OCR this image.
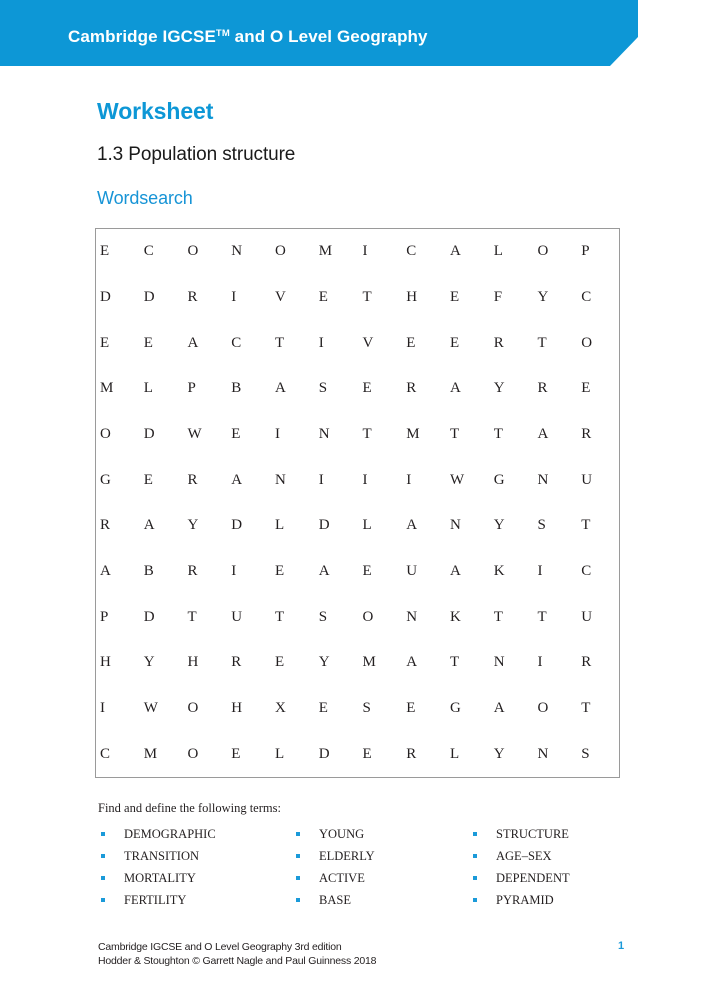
Cambridge IGCSE™ and O Level Geography
Worksheet
1.3 Population structure
Wordsearch
E	C	O	N	O	M	I	C	A	L	O	P
D	D	R	I	V	E	T	H	E	F	Y	C
E	E	A	C	T	I	V	E	E	R	T	O
M	L	P	B	A	S	E	R	A	Y	R	E
O	D	W	E	I	N	T	M	T	T	A	R
G	E	R	A	N	I	I	I	W	G	N	U
R	A	Y	D	L	D	L	A	N	Y	S	T
A	B	R	I	E	A	E	U	A	K	I	C
P	D	T	U	T	S	O	N	K	T	T	U
H	Y	H	R	E	Y	M	A	T	N	I	R
I	W	O	H	X	E	S	E	G	A	O	T
C	M	O	E	L	D	E	R	L	Y	N	S
Find and define the following terms:
DEMOGRAPHIC
TRANSITION
MORTALITY
FERTILITY
YOUNG
ELDERLY
ACTIVE
BASE
STRUCTURE
AGE–SEX
DEPENDENT
PYRAMID
Cambridge IGCSE and O Level Geography 3rd edition
Hodder & Stoughton © Garrett Nagle and Paul Guinness 2018
1
